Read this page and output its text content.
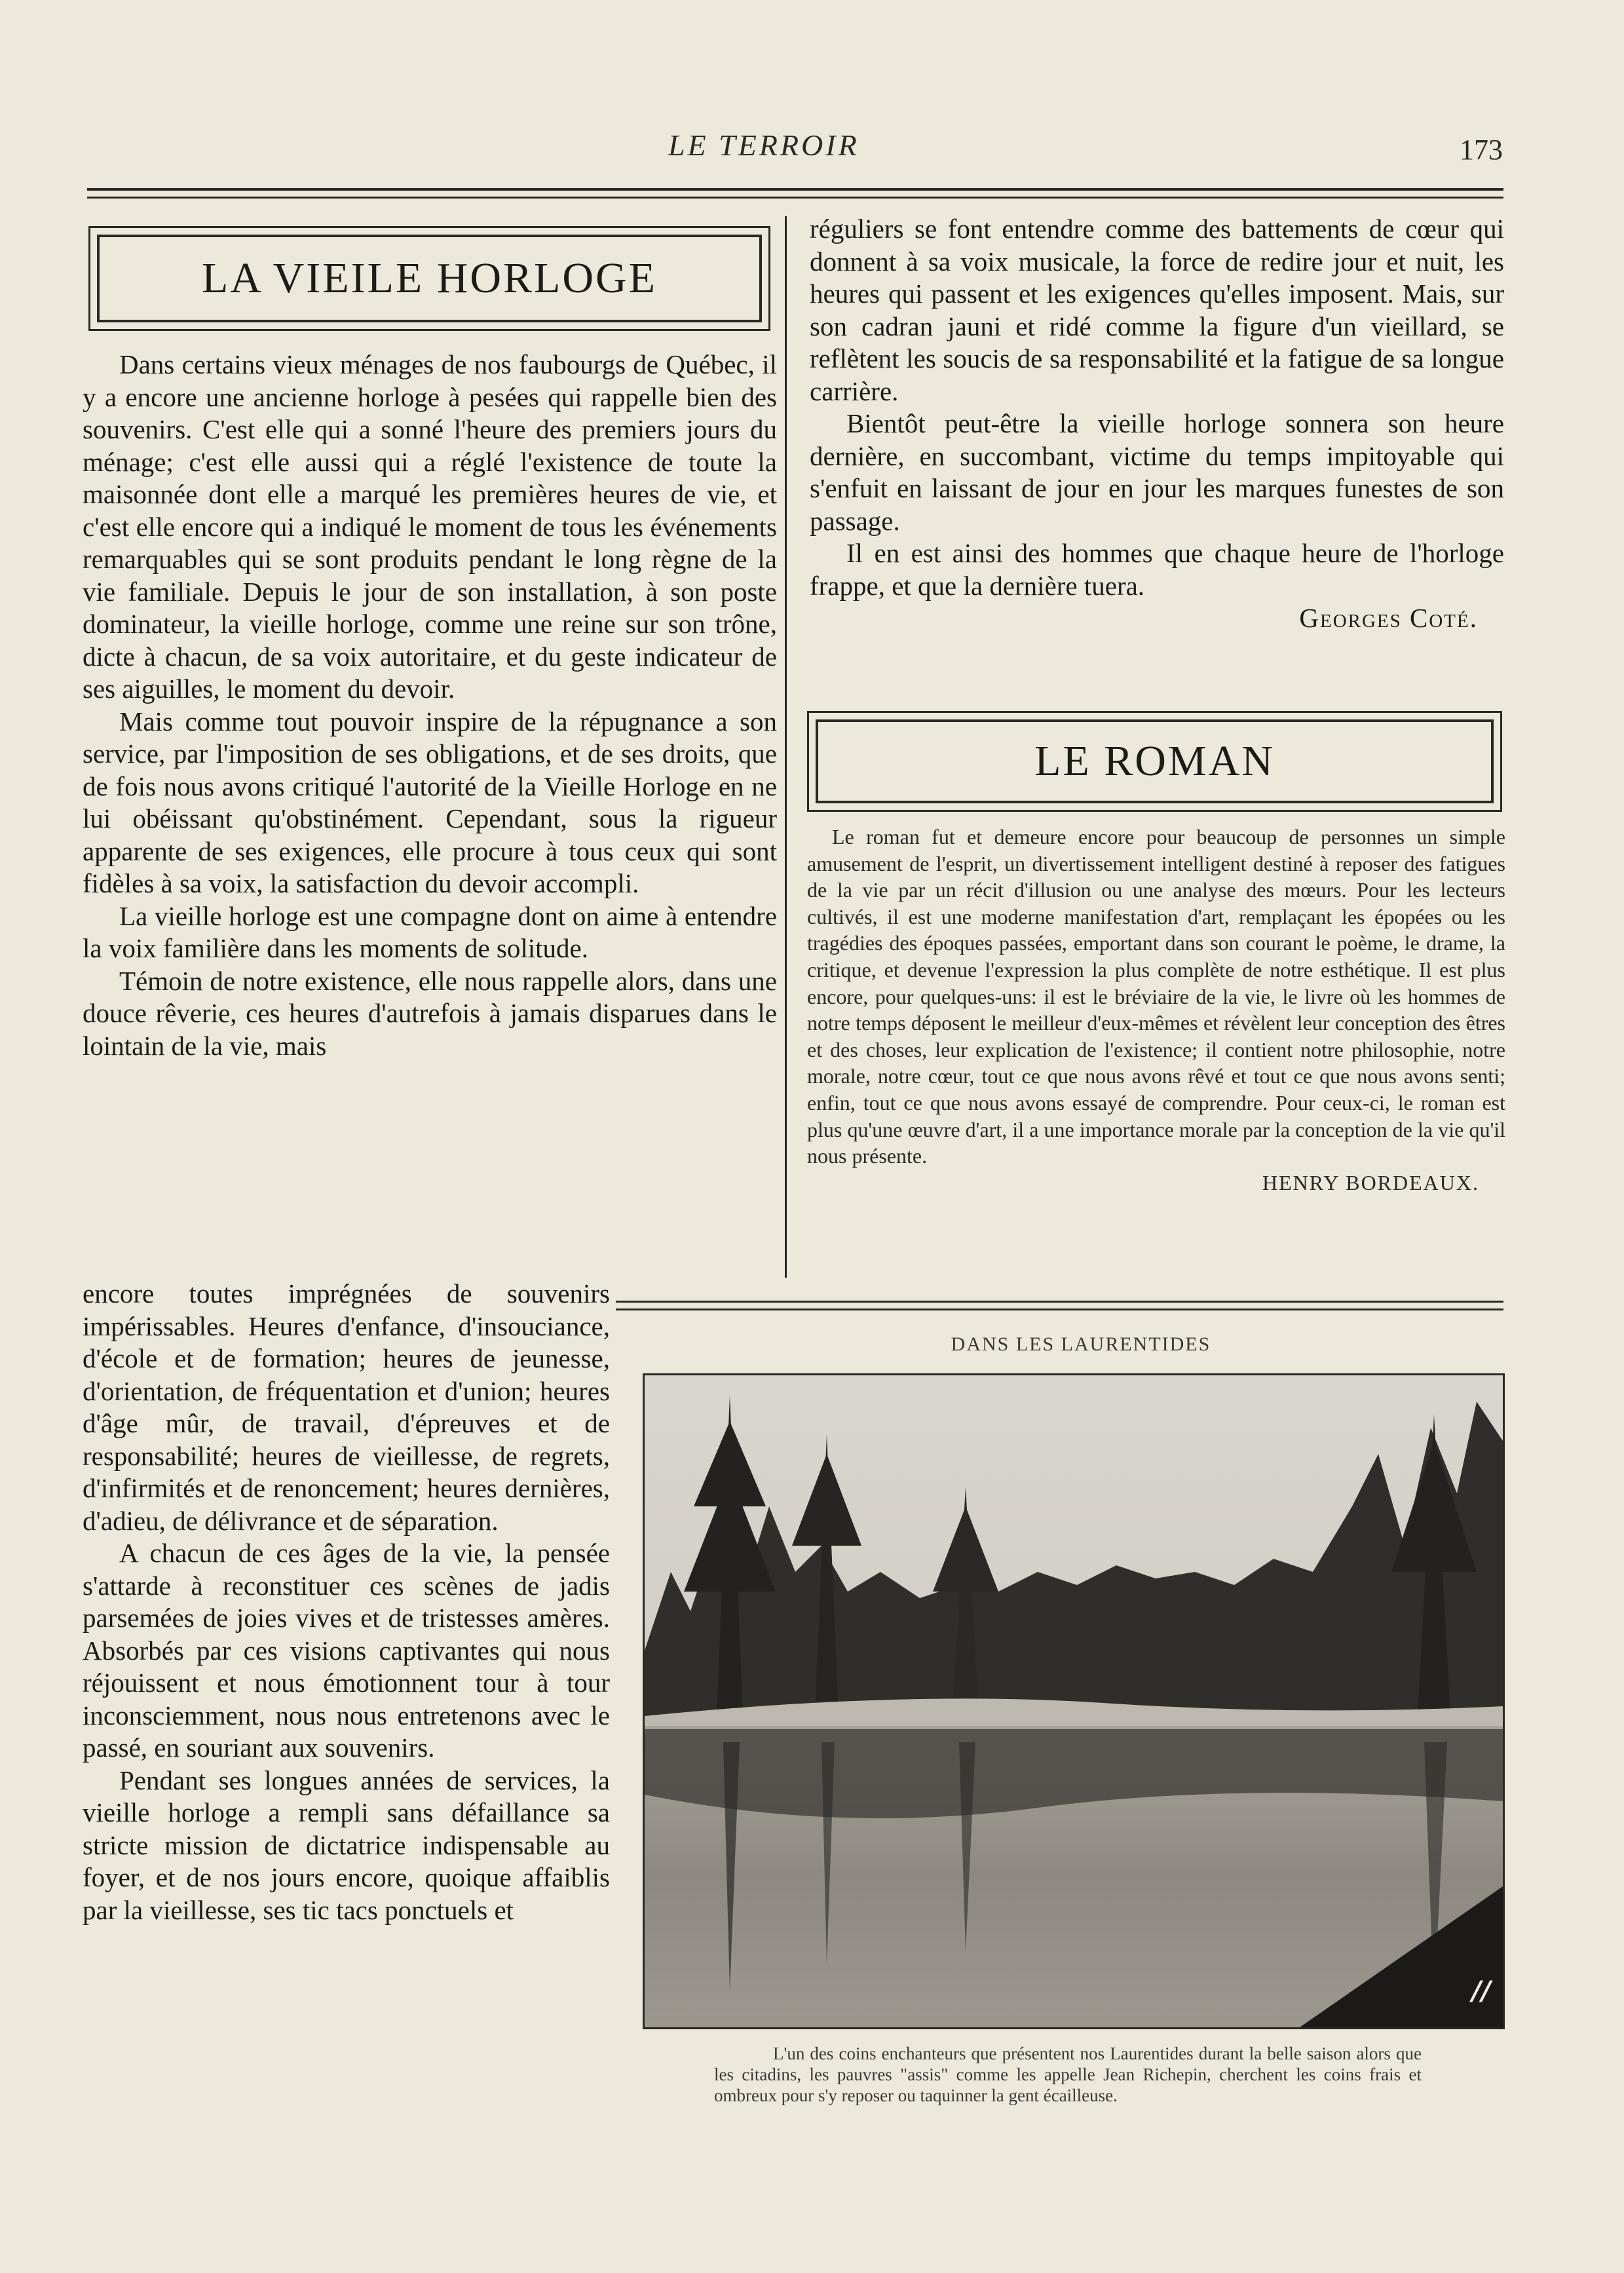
LE TERROIR	173
LA VIEILE HORLOGE

Dans certains vieux ménages de nos faubourgs de Québec, il y a encore une ancienne horloge à pesées qui rappelle bien des souvenirs. C'est elle qui a sonné l'heure des premiers jours du ménage; c'est elle aussi qui a réglé l'existence de toute la maisonnée dont elle a marqué les premières heures de vie, et c'est elle encore qui a indiqué le moment de tous les événements remarquables qui se sont produits pendant le long règne de la vie familiale. Depuis le jour de son installation, à son poste dominateur, la vieille horloge, comme une reine sur son trône, dicte à chacun, de sa voix autoritaire, et du geste indicateur de ses aiguilles, le moment du devoir.

Mais comme tout pouvoir inspire de la répugnance a son service, par l'imposition de ses obligations, et de ses droits, que de fois nous avons critiqué l'autorité de la Vieille Horloge en ne lui obéissant qu'obstinément. Cependant, sous la rigueur apparente de ses exigences, elle procure à tous ceux qui sont fidèles à sa voix, la satisfaction du devoir accompli.

La vieille horloge est une compagne dont on aime à entendre la voix familière dans les moments de solitude.

Témoin de notre existence, elle nous rappelle alors, dans une douce rêverie, ces heures d'autrefois à jamais disparues dans le lointain de la vie, mais

encore toutes imprégnées de souvenirs impérissables. Heures d'enfance, d'insouciance, d'école et de formation; heures de jeunesse, d'orientation, de fréquentation et d'union; heures d'âge mûr, de travail, d'épreuves et de responsabilité; heures de vieillesse, de regrets, d'infirmités et de renoncement; heures dernières, d'adieu, de délivrance et de séparation.

A chacun de ces âges de la vie, la pensée s'attarde à reconstituer ces scènes de jadis parsemées de joies vives et de tristesses amères. Absorbés par ces visions captivantes qui nous réjouissent et nous émotionnent tour à tour inconsciemment, nous nous entretenons avec le passé, en souriant aux souvenirs.

Pendant ses longues années de services, la vieille horloge a rempli sans défaillance sa stricte mission de dictatrice indispensable au foyer, et de nos jours encore, quoique affaiblis par la vieillesse, ses tic tacs ponctuels et

réguliers se font entendre comme des battements de cœur qui donnent à sa voix musicale, la force de redire jour et nuit, les heures qui passent et les exigences qu'elles imposent. Mais, sur son cadran jauni et ridé comme la figure d'un vieillard, se reflètent les soucis de sa responsabilité et la fatigue de sa longue carrière.

Bientôt peut-être la vieille horloge sonnera son heure dernière, en succombant, victime du temps impitoyable qui s'enfuit en laissant de jour en jour les marques funestes de son passage.

Il en est ainsi des hommes que chaque heure de l'horloge frappe, et que la dernière tuera.

Georges Coté.
LE ROMAN

Le roman fut et demeure encore pour beaucoup de personnes un simple amusement de l'esprit, un divertissement intelligent destiné à reposer des fatigues de la vie par un récit d'illusion ou une analyse des mœurs. Pour les lecteurs cultivés, il est une moderne manifestation d'art, remplaçant les épopées ou les tragédies des époques passées, emportant dans son courant le poème, le drame, la critique, et devenue l'expression la plus complète de notre esthétique. Il est plus encore, pour quelques-uns: il est le bréviaire de la vie, le livre où les hommes de notre temps déposent le meilleur d'eux-mêmes et révèlent leur conception des êtres et des choses, leur explication de l'existence; il contient notre philosophie, notre morale, notre cœur, tout ce que nous avons rêvé et tout ce que nous avons senti; enfin, tout ce que nous avons essayé de comprendre. Pour ceux-ci, le roman est plus qu'une œuvre d'art, il a une importance morale par la conception de la vie qu'il nous présente.

HENRY BORDEAUX.
DANS LES LAURENTIDES
//

L'un des coins enchanteurs que présentent nos Laurentides durant la belle saison alors que les citadins, les pauvres "assis" comme les appelle Jean Richepin, cherchent les coins frais et ombreux pour s'y reposer ou taquinner la gent écailleuse.
